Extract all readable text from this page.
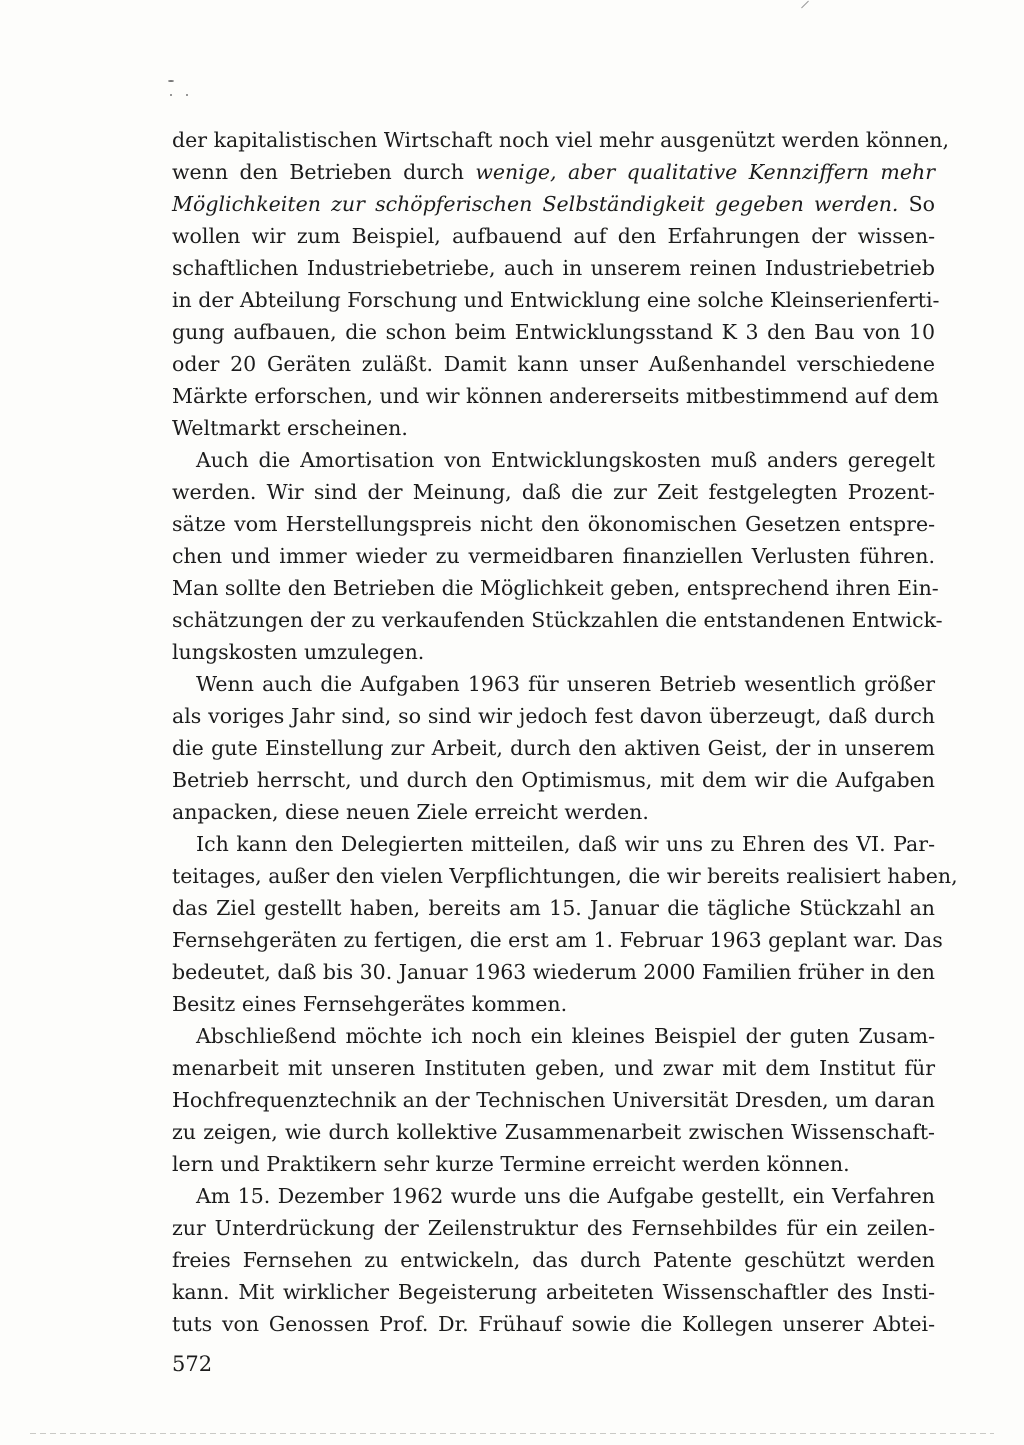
der kapitalistischen Wirtschaft noch viel mehr ausgenützt werden können,
wenn den Betrieben durch wenige, aber qualitative Kennziffern mehr
Möglichkeiten zur schöpferischen Selbständigkeit gegeben werden. So
wollen wir zum Beispiel, aufbauend auf den Erfahrungen der wissen-
schaftlichen Industriebetriebe, auch in unserem reinen Industriebetrieb
in der Abteilung Forschung und Entwicklung eine solche Kleinserienferti-
gung aufbauen, die schon beim Entwicklungsstand K 3 den Bau von 10
oder 20 Geräten zuläßt. Damit kann unser Außenhandel verschiedene
Märkte erforschen, und wir können andererseits mitbestimmend auf dem
Weltmarkt erscheinen.
Auch die Amortisation von Entwicklungskosten muß anders geregelt
werden. Wir sind der Meinung, daß die zur Zeit festgelegten Prozent-
sätze vom Herstellungspreis nicht den ökonomischen Gesetzen entspre-
chen und immer wieder zu vermeidbaren finanziellen Verlusten führen.
Man sollte den Betrieben die Möglichkeit geben, entsprechend ihren Ein-
schätzungen der zu verkaufenden Stückzahlen die entstandenen Entwick-
lungskosten umzulegen.
Wenn auch die Aufgaben 1963 für unseren Betrieb wesentlich größer
als voriges Jahr sind, so sind wir jedoch fest davon überzeugt, daß durch
die gute Einstellung zur Arbeit, durch den aktiven Geist, der in unserem
Betrieb herrscht, und durch den Optimismus, mit dem wir die Aufgaben
anpacken, diese neuen Ziele erreicht werden.
Ich kann den Delegierten mitteilen, daß wir uns zu Ehren des VI. Par-
teitages, außer den vielen Verpflichtungen, die wir bereits realisiert haben,
das Ziel gestellt haben, bereits am 15. Januar die tägliche Stückzahl an
Fernsehgeräten zu fertigen, die erst am 1. Februar 1963 geplant war. Das
bedeutet, daß bis 30. Januar 1963 wiederum 2000 Familien früher in den
Besitz eines Fernsehgerätes kommen.
Abschließend möchte ich noch ein kleines Beispiel der guten Zusam-
menarbeit mit unseren Instituten geben, und zwar mit dem Institut für
Hochfrequenztechnik an der Technischen Universität Dresden, um daran
zu zeigen, wie durch kollektive Zusammenarbeit zwischen Wissenschaft-
lern und Praktikern sehr kurze Termine erreicht werden können.
Am 15. Dezember 1962 wurde uns die Aufgabe gestellt, ein Verfahren
zur Unterdrückung der Zeilenstruktur des Fernsehbildes für ein zeilen-
freies Fernsehen zu entwickeln, das durch Patente geschützt werden
kann. Mit wirklicher Begeisterung arbeiteten Wissenschaftler des Insti-
tuts von Genossen Prof. Dr. Frühauf sowie die Kollegen unserer Abtei-
572
